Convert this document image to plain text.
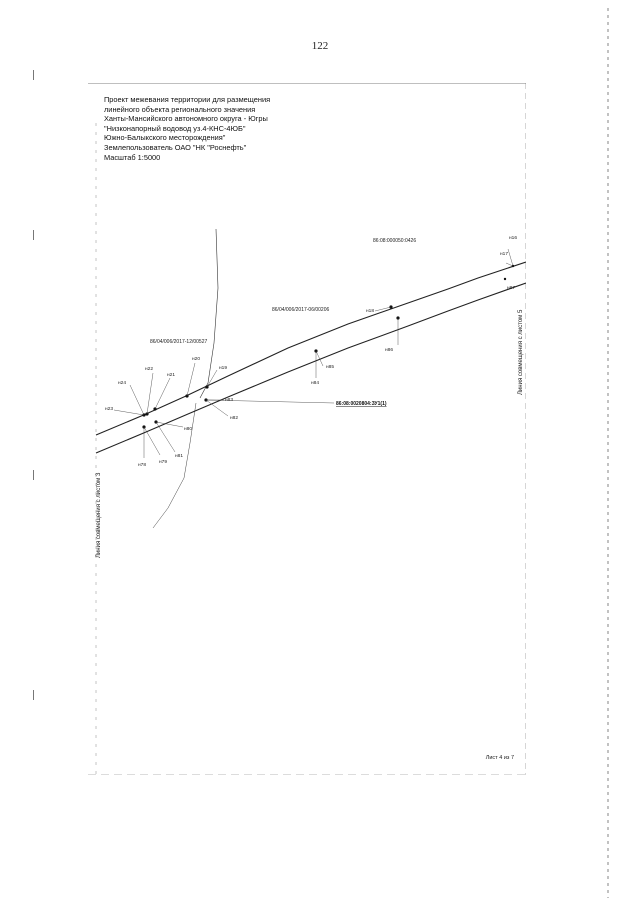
122
86:08:000050:0426
86/04/006/2017-06/00206
86/04/006/2017-12/00527
86:08:0020804:ЗУ1(1)
н16
н17
н18
н19
н20
н21
н22
н23
н24
н87
н86
н85
н84
н83
н82
н81
н80
н79
н78
Проект межевания территории для размещения
линейного объекта регионального значения
Ханты-Мансийского автономного округа - Югры
"Низконапорный водовод уз.4-КНС-4ЮБ"
Южно-Балыкского месторождения"
Землепользователь ОАО "НК "Роснефть"
Масштаб 1:5000
Линия совмещения с листом 3
Линия совмещения с листом 5
Лист 4 из 7
